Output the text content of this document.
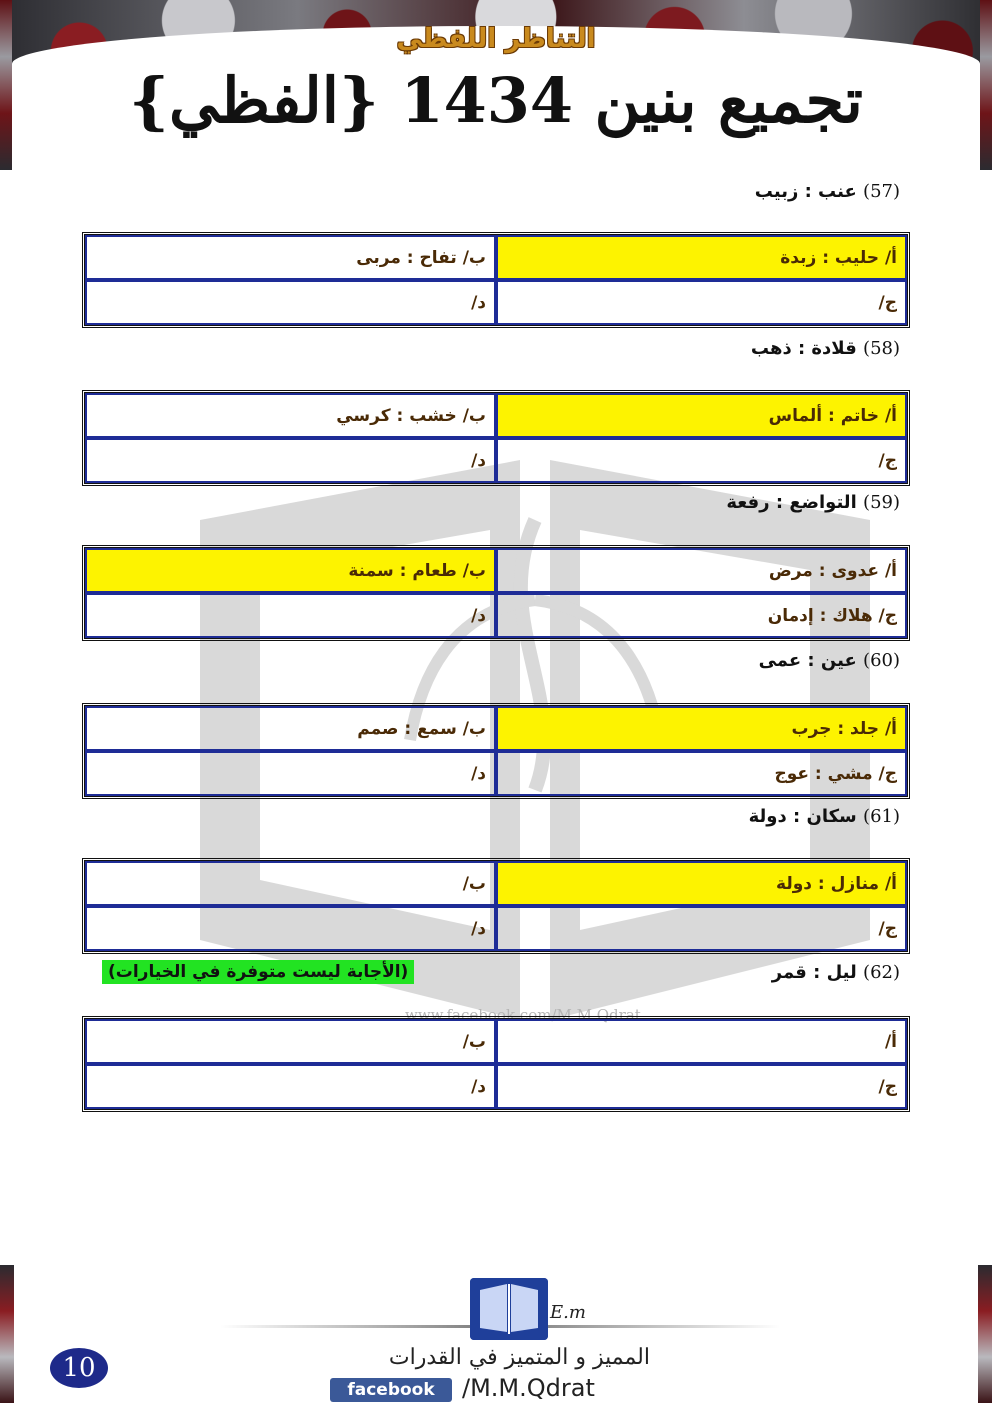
التناظر اللفظي
تجميع بنين 1434 {الفظي}
www.facebook.com/M.M.Qdrat
(57) عنب : زبيب
أ/ حليب : زبدة	ب/ تفاح : مربى
ج/	د/
(58) قلادة : ذهب
أ/ خاتم : ألماس	ب/ خشب : كرسي
ج/	د/
(59) التواضع : رفعة
أ/ عدوى : مرض	ب/ طعام : سمنة
ج/ هلاك : إدمان	د/
(60) عين : عمى
أ/ جلد : جرب	ب/ سمع : صمم
ج/ مشي : عوج	د/
(61) سكان : دولة
أ/ منازل : دولة	ب/
ج/	د/
(62) ليل : قمر
(الأجابة ليست متوفرة في الخيارات)
أ/	ب/
ج/	د/
E.m
المميز و المتميز في القدرات
facebook	/M.M.Qdrat
10
